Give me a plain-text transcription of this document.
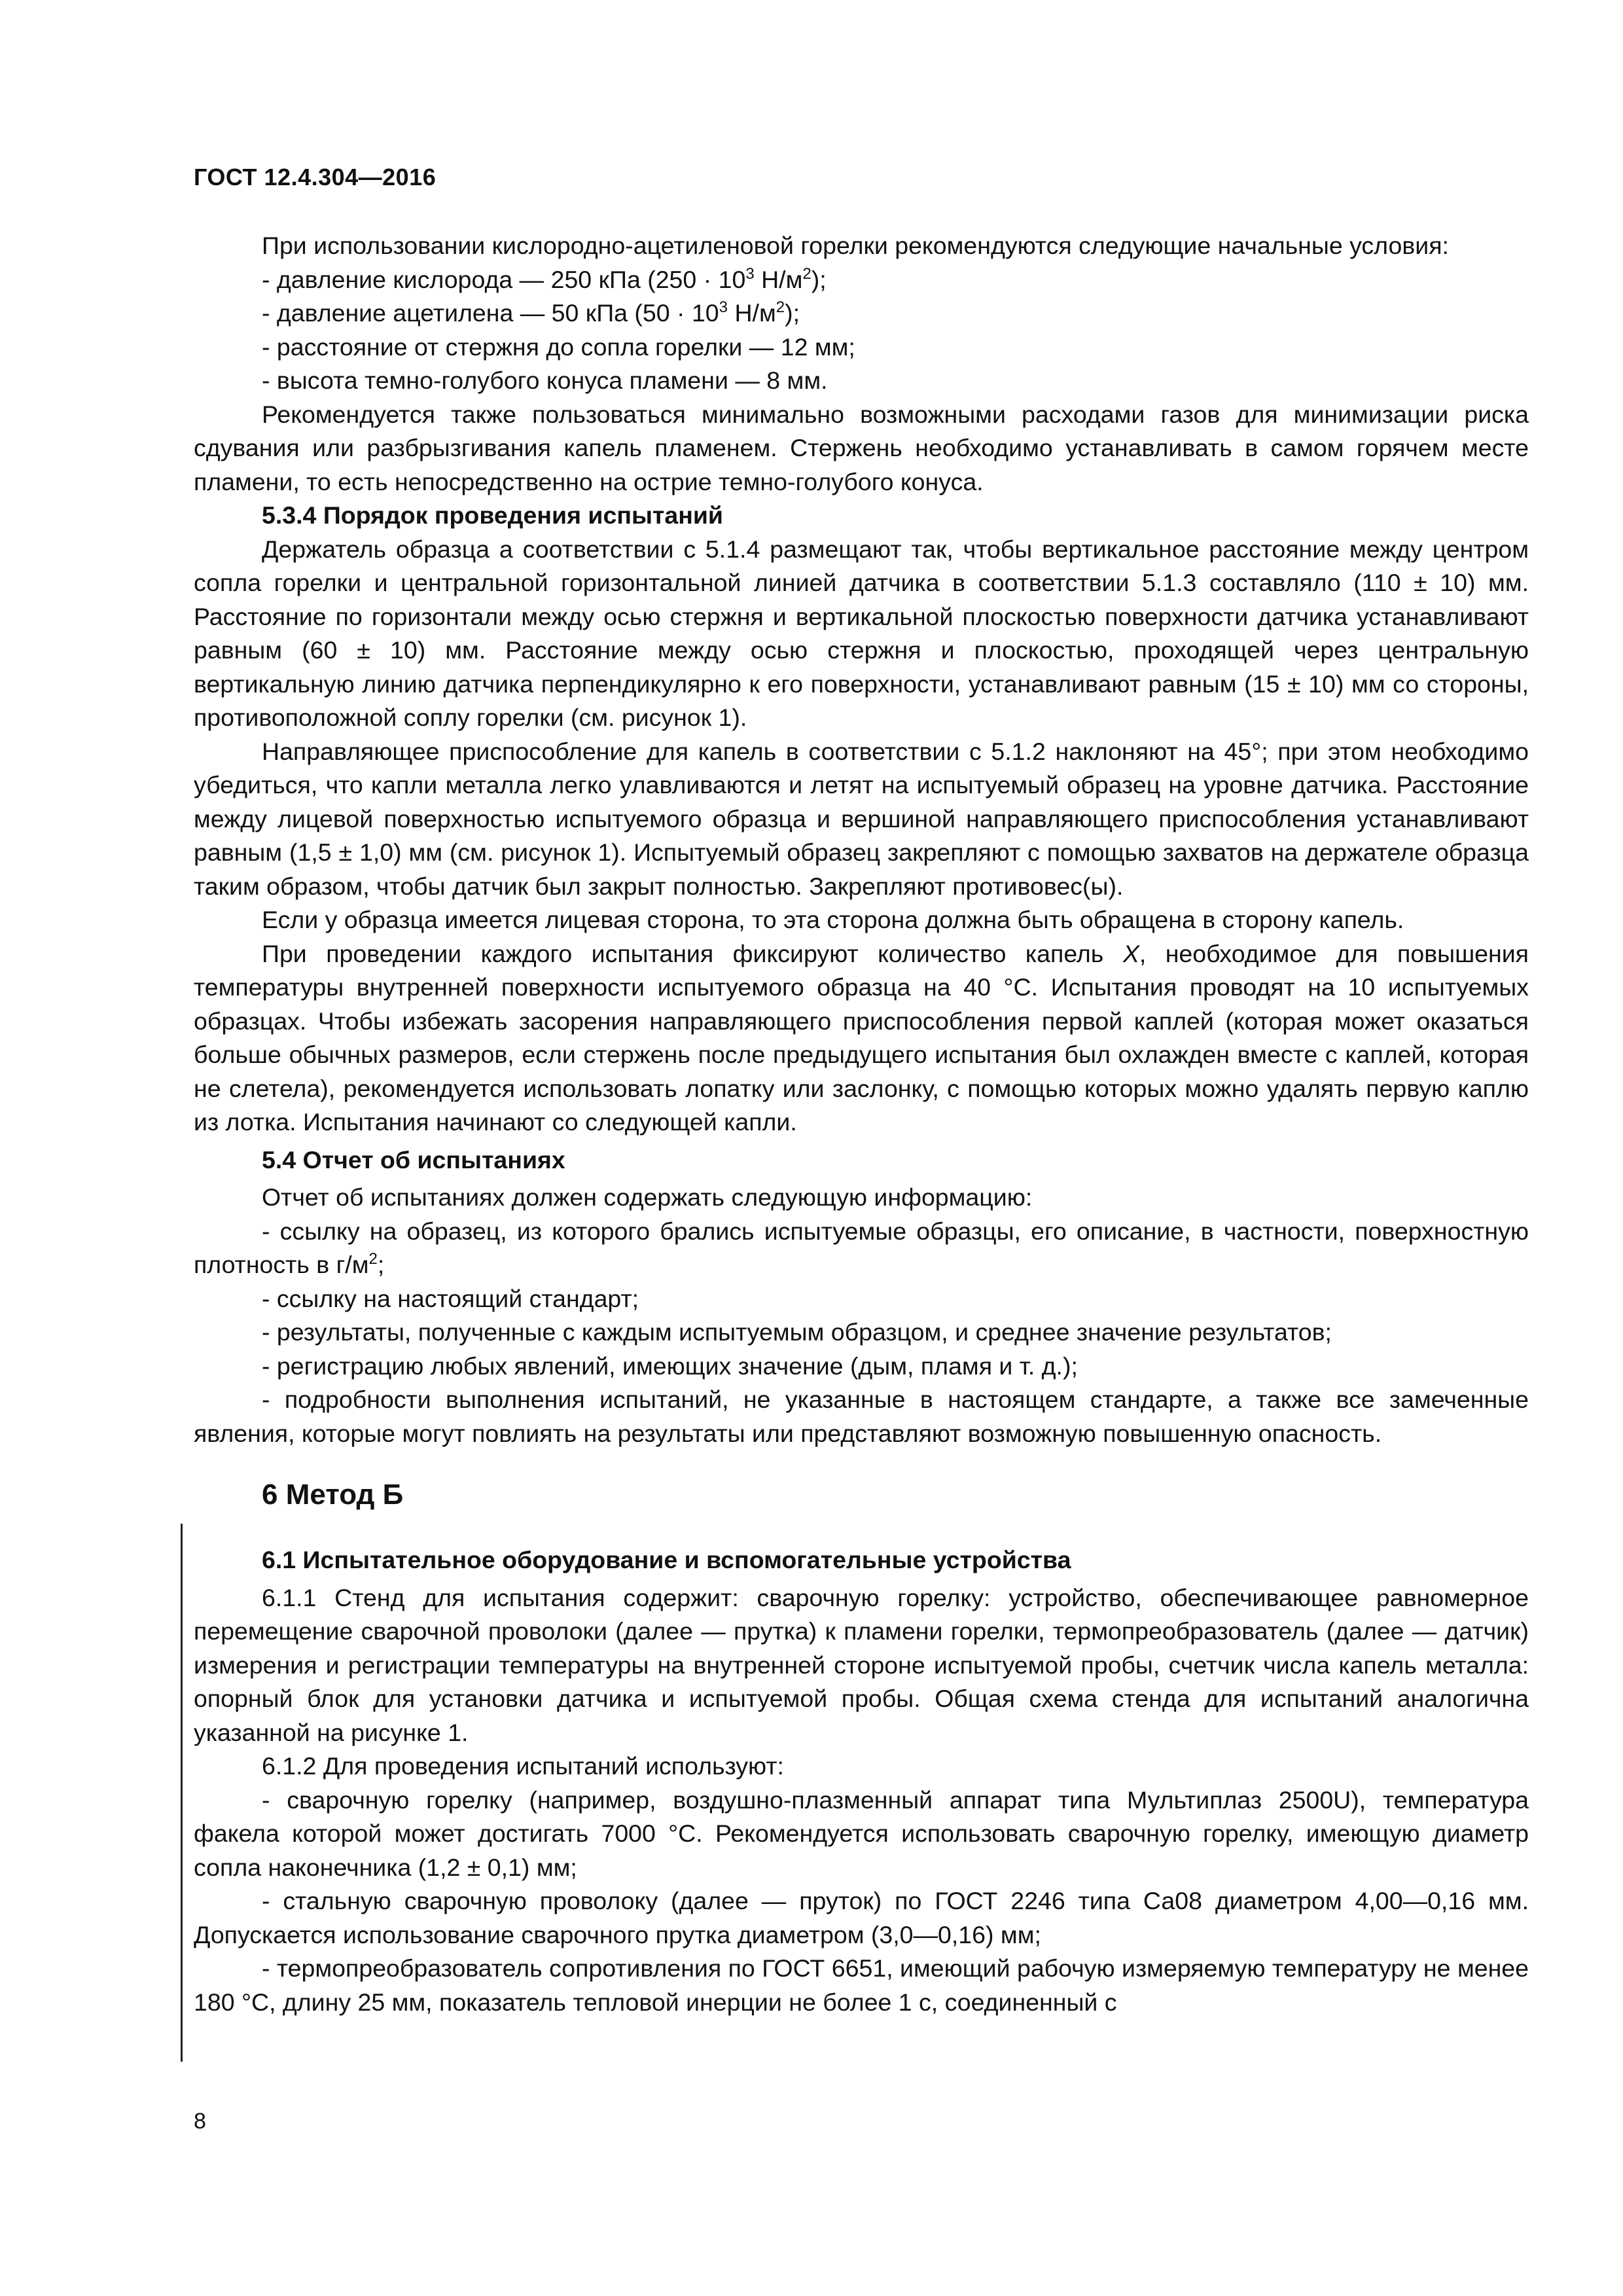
ГОСТ 12.4.304—2016

При использовании кислородно-ацетиленовой горелки рекомендуются следующие начальные условия:

- давление кислорода — 250 кПа ($250 \cdot 10^3$ $Н/м^2$);

- давление ацетилена — 50 кПа ($50 \cdot 10^3$ $Н/м^2$);

- расстояние от стержня до сопла горелки — 12 мм;

- высота темно-голубого конуса пламени — 8 мм.

Рекомендуется также пользоваться минимально возможными расходами газов для минимизации риска сдувания или разбрызгивания капель пламенем. Стержень необходимо устанавливать в самом горячем месте пламени, то есть непосредственно на острие темно-голубого конуса.

5.3.4 Порядок проведения испытаний

Держатель образца а соответствии с 5.1.4 размещают так, чтобы вертикальное расстояние между центром сопла горелки и центральной горизонтальной линией датчика в соответствии 5.1.3 составляло (110 ± 10) мм. Расстояние по горизонтали между осью стержня и вертикальной плоскостью поверхности датчика устанавливают равным (60 ± 10) мм. Расстояние между осью стержня и плоскостью, проходящей через центральную вертикальную линию датчика перпендикулярно к его поверхности, устанавливают равным (15 ± 10) мм со стороны, противоположной соплу горелки (см. рисунок 1).

Направляющее приспособление для капель в соответствии с 5.1.2 наклоняют на 45°; при этом необходимо убедиться, что капли металла легко улавливаются и летят на испытуемый образец на уровне датчика. Расстояние между лицевой поверхностью испытуемого образца и вершиной направляющего приспособления устанавливают равным (1,5 ± 1,0) мм (см. рисунок 1). Испытуемый образец закрепляют с помощью захватов на держателе образца таким образом, чтобы датчик был закрыт полностью. Закрепляют противовес(ы).

Если у образца имеется лицевая сторона, то эта сторона должна быть обращена в сторону капель.

При проведении каждого испытания фиксируют количество капель X, необходимое для повышения температуры внутренней поверхности испытуемого образца на 40 °С. Испытания проводят на 10 испытуемых образцах. Чтобы избежать засорения направляющего приспособления первой каплей (которая может оказаться больше обычных размеров, если стержень после предыдущего испытания был охлажден вместе с каплей, которая не слетела), рекомендуется использовать лопатку или заслонку, с помощью которых можно удалять первую каплю из лотка. Испытания начинают со следующей капли.

5.4 Отчет об испытаниях

Отчет об испытаниях должен содержать следующую информацию:

- ссылку на образец, из которого брались испытуемые образцы, его описание, в частности, поверхностную плотность в $г/м^2$;

- ссылку на настоящий стандарт;

- результаты, полученные с каждым испытуемым образцом, и среднее значение результатов;

- регистрацию любых явлений, имеющих значение (дым, пламя и т. д.);

- подробности выполнения испытаний, не указанные в настоящем стандарте, а также все замеченные явления, которые могут повлиять на результаты или представляют возможную повышенную опасность.

6 Метод Б

6.1 Испытательное оборудование и вспомогательные устройства

6.1.1 Стенд для испытания содержит: сварочную горелку: устройство, обеспечивающее равномерное перемещение сварочной проволоки (далее — прутка) к пламени горелки, термопреобразователь (далее — датчик) измерения и регистрации температуры на внутренней стороне испытуемой пробы, счетчик числа капель металла: опорный блок для установки датчика и испытуемой пробы. Общая схема стенда для испытаний аналогична указанной на рисунке 1.

6.1.2 Для проведения испытаний используют:

- сварочную горелку (например, воздушно-плазменный аппарат типа Мультиплаз 2500U), температура факела которой может достигать 7000 °С. Рекомендуется использовать сварочную горелку, имеющую диаметр сопла наконечника (1,2 ± 0,1) мм;

- стальную сварочную проволоку (далее — пруток) по ГОСТ 2246 типа Са08 диаметром 4,00—0,16 мм. Допускается использование сварочного прутка диаметром (3,0—0,16) мм;

- термопреобразователь сопротивления по ГОСТ 6651, имеющий рабочую измеряемую температуру не менее 180 °С, длину 25 мм, показатель тепловой инерции не более 1 с, соединенный с

8
